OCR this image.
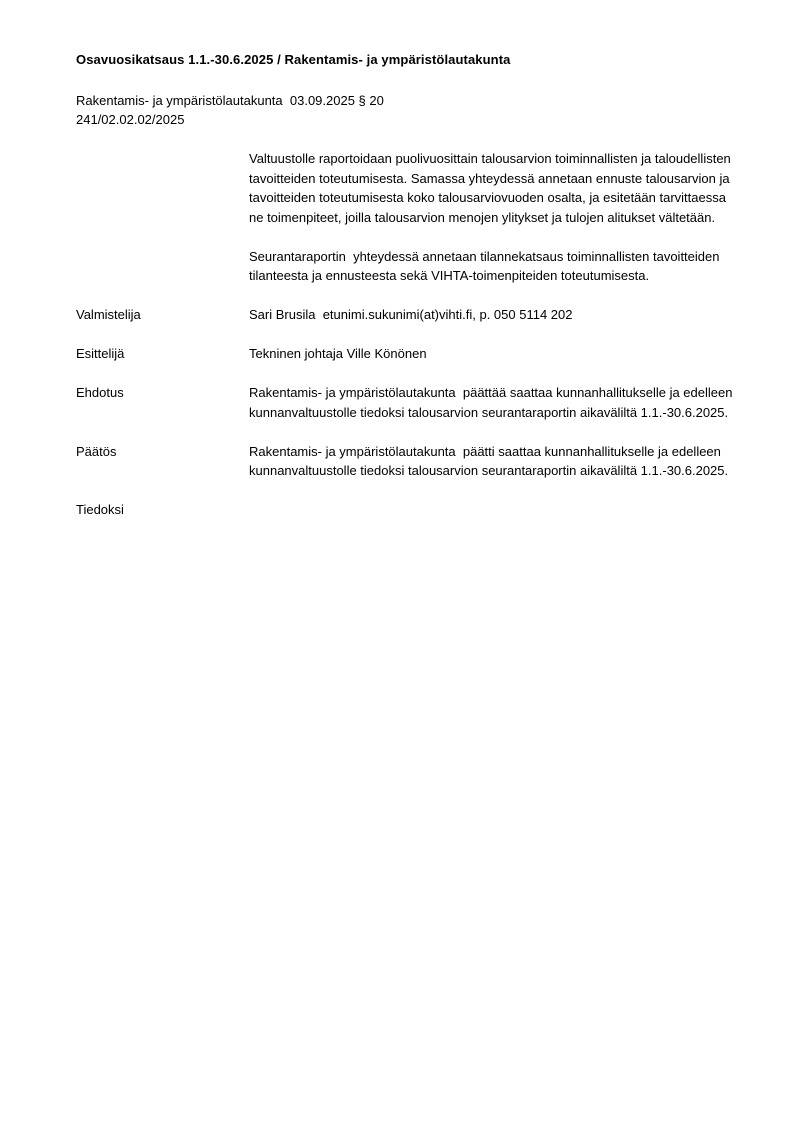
Osavuosikatsaus 1.1.-30.6.2025 / Rakentamis- ja ympäristölautakunta
Rakentamis- ja ympäristölautakunta  03.09.2025 § 20
241/02.02.02/2025

Valtuustolle raportoidaan puolivuosittain talousarvion toiminnallisten ja taloudellisten tavoitteiden toteutumisesta. Samassa yhteydessä annetaan ennuste talousarvion ja tavoitteiden toteutumisesta koko talousarviovuoden osalta, ja esitetään tarvittaessa ne toimenpiteet, joilla talousarvion menojen ylitykset ja tulojen alitukset vältetään.

Seurantaraportin  yhteydessä annetaan tilannekatsaus toiminnallisten tavoitteiden tilanteesta ja ennusteesta sekä VIHTA-toimenpiteiden toteutumisesta.

Valmistelija	Sari Brusila  etunimi.sukunimi(at)vihti.fi, p. 050 5114 202
Esittelijä	Tekninen johtaja Ville Könönen
Ehdotus	Rakentamis- ja ympäristölautakunta  päättää saattaa kunnanhallitukselle ja edelleen kunnanvaltuustolle tiedoksi talousarvion seurantaraportin aikaväliltä 1.1.-30.6.2025.
Päätös	Rakentamis- ja ympäristölautakunta  päätti saattaa kunnanhallitukselle ja edelleen kunnanvaltuustolle tiedoksi talousarvion seurantaraportin aikaväliltä 1.1.-30.6.2025.
Tiedoksi
